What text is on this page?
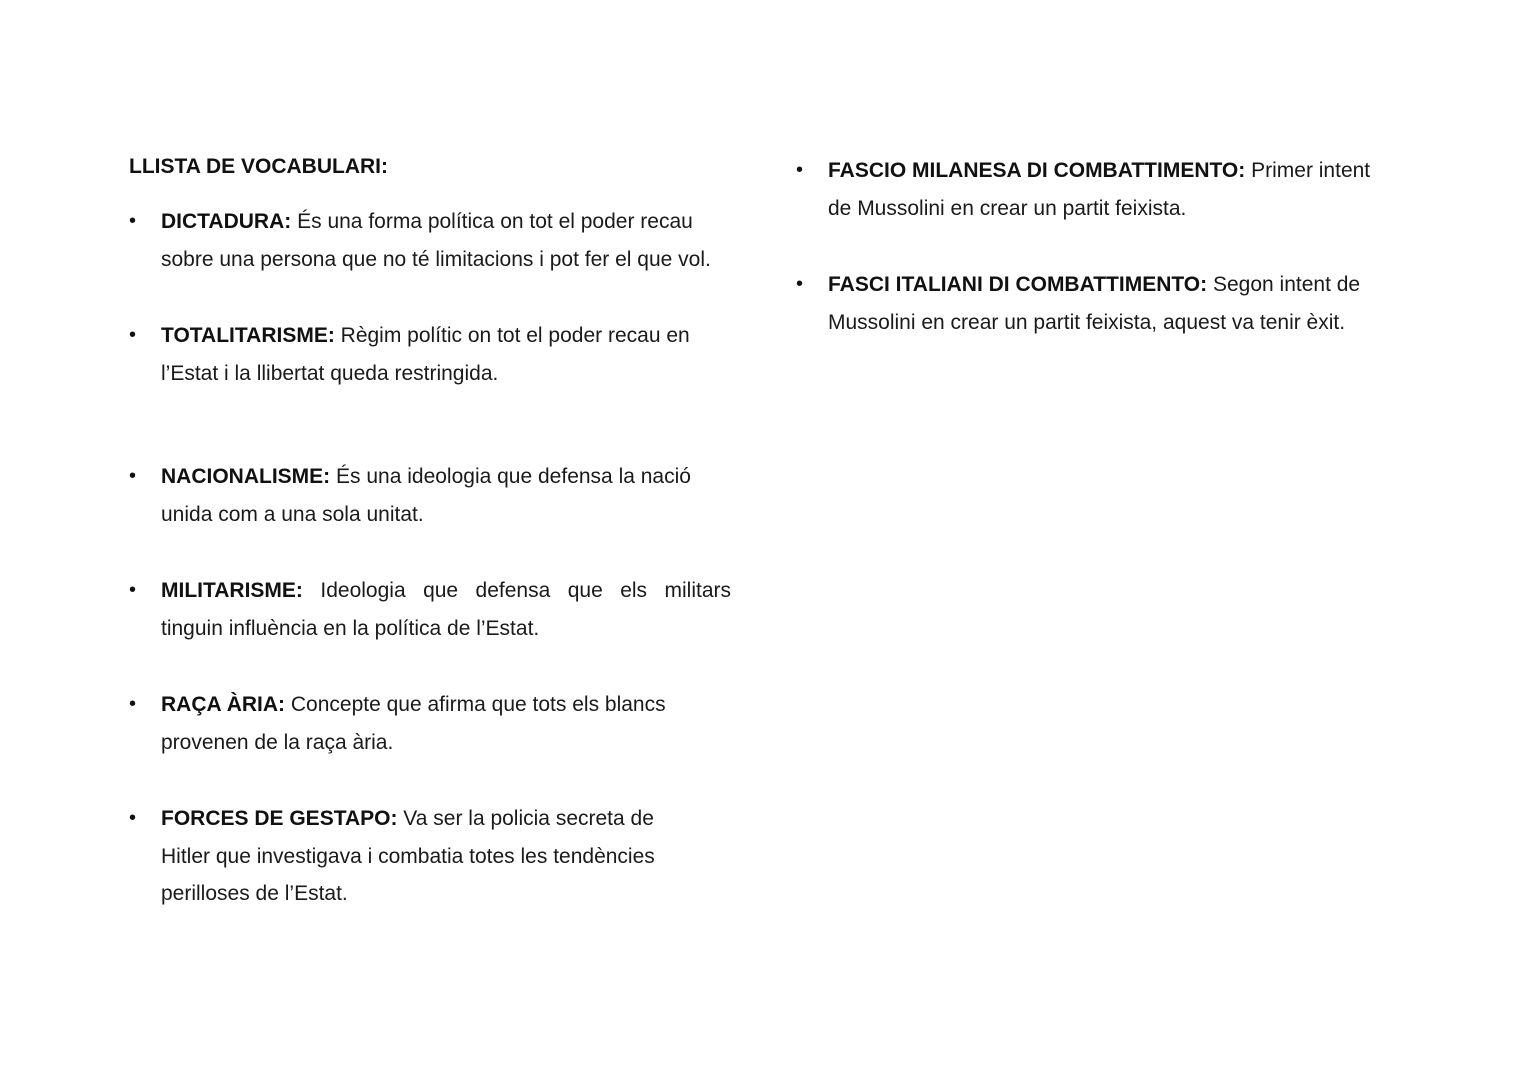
LLISTA DE VOCABULARI:
• DICTADURA: És una forma política on tot el poder recau
sobre una persona que no té limitacions i pot fer el que vol.
• TOTALITARISME: Règim polític on tot el poder recau en
l’Estat i la llibertat queda restringida.
• NACIONALISME: És una ideologia que defensa la nació
unida com a una sola unitat.
• MILITARISME: Ideologia que defensa que els militars
tinguin influència en la política de l’Estat.
• RAÇA ÀRIA: Concepte que afirma que tots els blancs
provenen de la raça ària.
• FORCES DE GESTAPO: Va ser la policia secreta de
Hitler que investigava i combatia totes les tendències
perilloses de l’Estat.
• FASCIO MILANESA DI COMBATTIMENTO: Primer intent
de Mussolini en crear un partit feixista.
• FASCI ITALIANI DI COMBATTIMENTO: Segon intent de
Mussolini en crear un partit feixista, aquest va tenir èxit.
